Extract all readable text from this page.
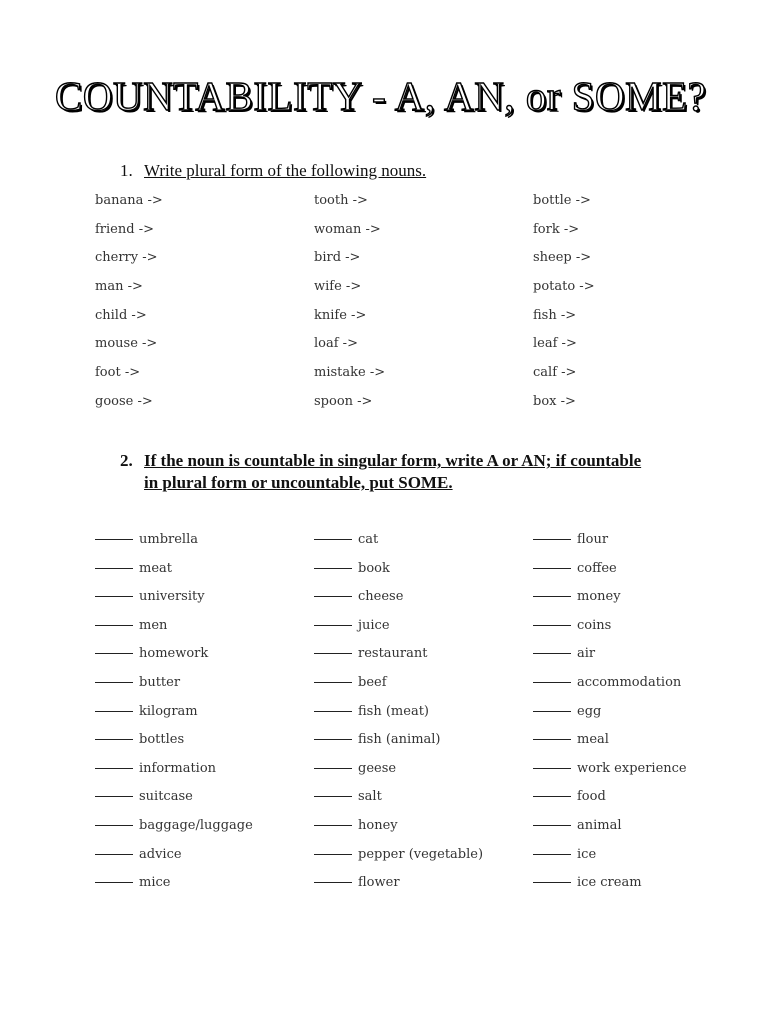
COUNTABILITY - A, AN, or SOME?
1. Write plural form of the following nouns.
banana ->	tooth ->	bottle ->
friend ->	woman ->	fork ->
cherry ->	bird ->	sheep ->
man ->	wife ->	potato ->
child ->	knife ->	fish ->
mouse ->	loaf ->	leaf ->
foot ->	mistake ->	calf ->
goose ->	spoon ->	box ->
2. If the noun is countable in singular form, write A or AN; if countable
in plural form or uncountable, put SOME.
umbrella	cat	flour
meat	book	coffee
university	cheese	money
men	juice	coins
homework	restaurant	air
butter	beef	accommodation
kilogram	fish (meat)	egg
bottles	fish (animal)	meal
information	geese	work experience
suitcase	salt	food
baggage/luggage	honey	animal
advice	pepper (vegetable)	ice
mice	flower	ice cream
